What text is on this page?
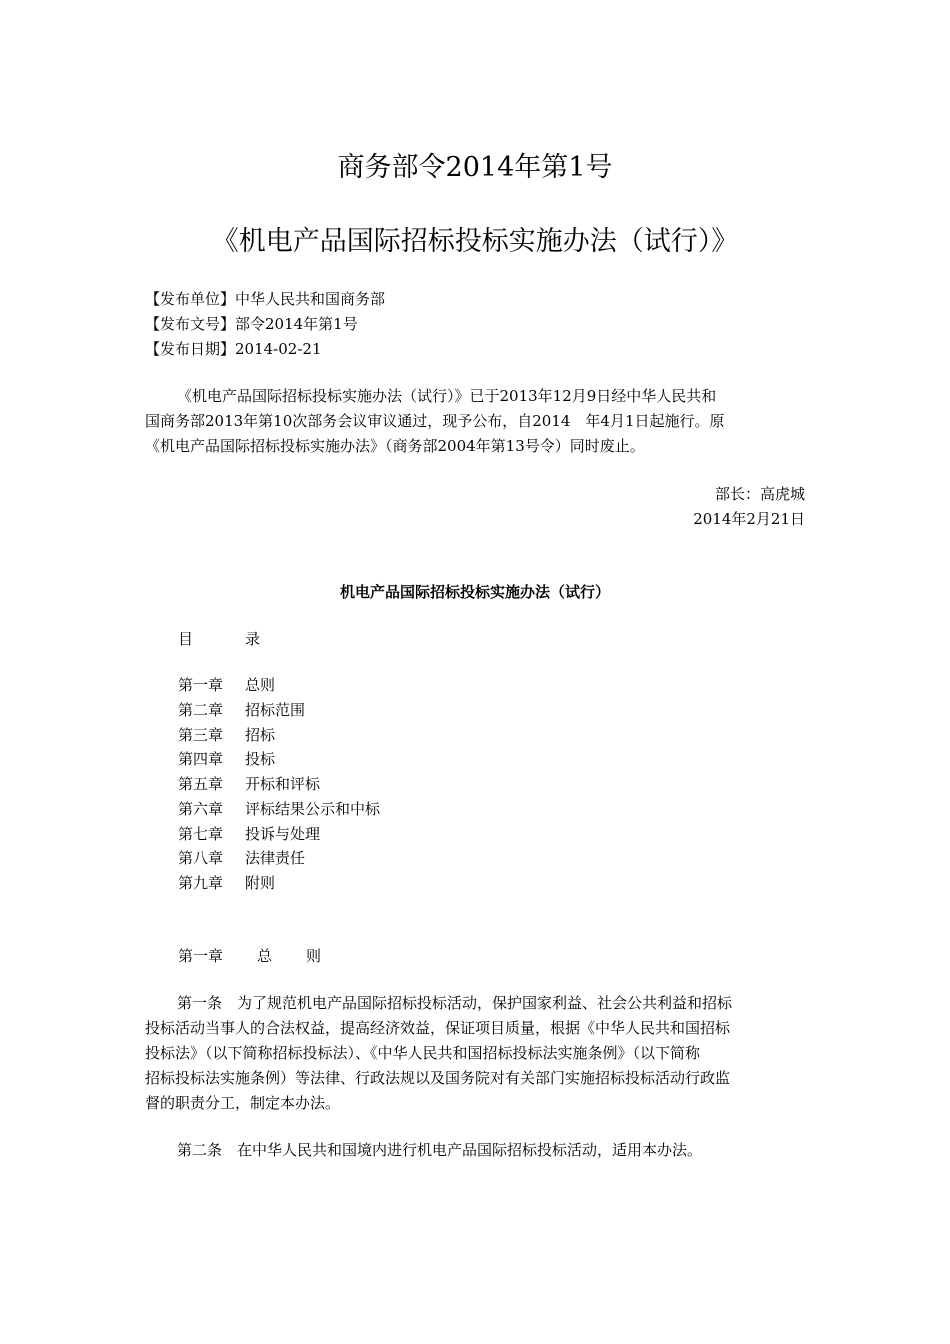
商务部令2014年第1号
《机电产品国际招标投标实施办法（试行）》
【发布单位】中华人民共和国商务部
【发布文号】部令2014年第1号
【发布日期】2014-02-21
《机电产品国际招标投标实施办法（试行）》已于2013年12月9日经中华人民共和
国商务部2013年第10次部务会议审议通过，现予公布，自2014　年4月1日起施行。原
《机电产品国际招标投标实施办法》（商务部2004年第13号令）同时废止。
部长：高虎城
2014年2月21日
机电产品国际招标投标实施办法（试行）
目	录
第一章 总则
第二章 招标范围
第三章 招标
第四章 投标
第五章 开标和评标
第六章 评标结果公示和中标
第七章 投诉与处理
第八章 法律责任
第九章 附则
第一章 总 则
第一条　为了规范机电产品国际招标投标活动，保护国家利益、社会公共利益和招标
投标活动当事人的合法权益，提高经济效益，保证项目质量，根据《中华人民共和国招标
投标法》（以下简称招标投标法）、《中华人民共和国招标投标法实施条例》（以下简称
招标投标法实施条例）等法律、行政法规以及国务院对有关部门实施招标投标活动行政监
督的职责分工，制定本办法。
第二条　在中华人民共和国境内进行机电产品国际招标投标活动，适用本办法。
